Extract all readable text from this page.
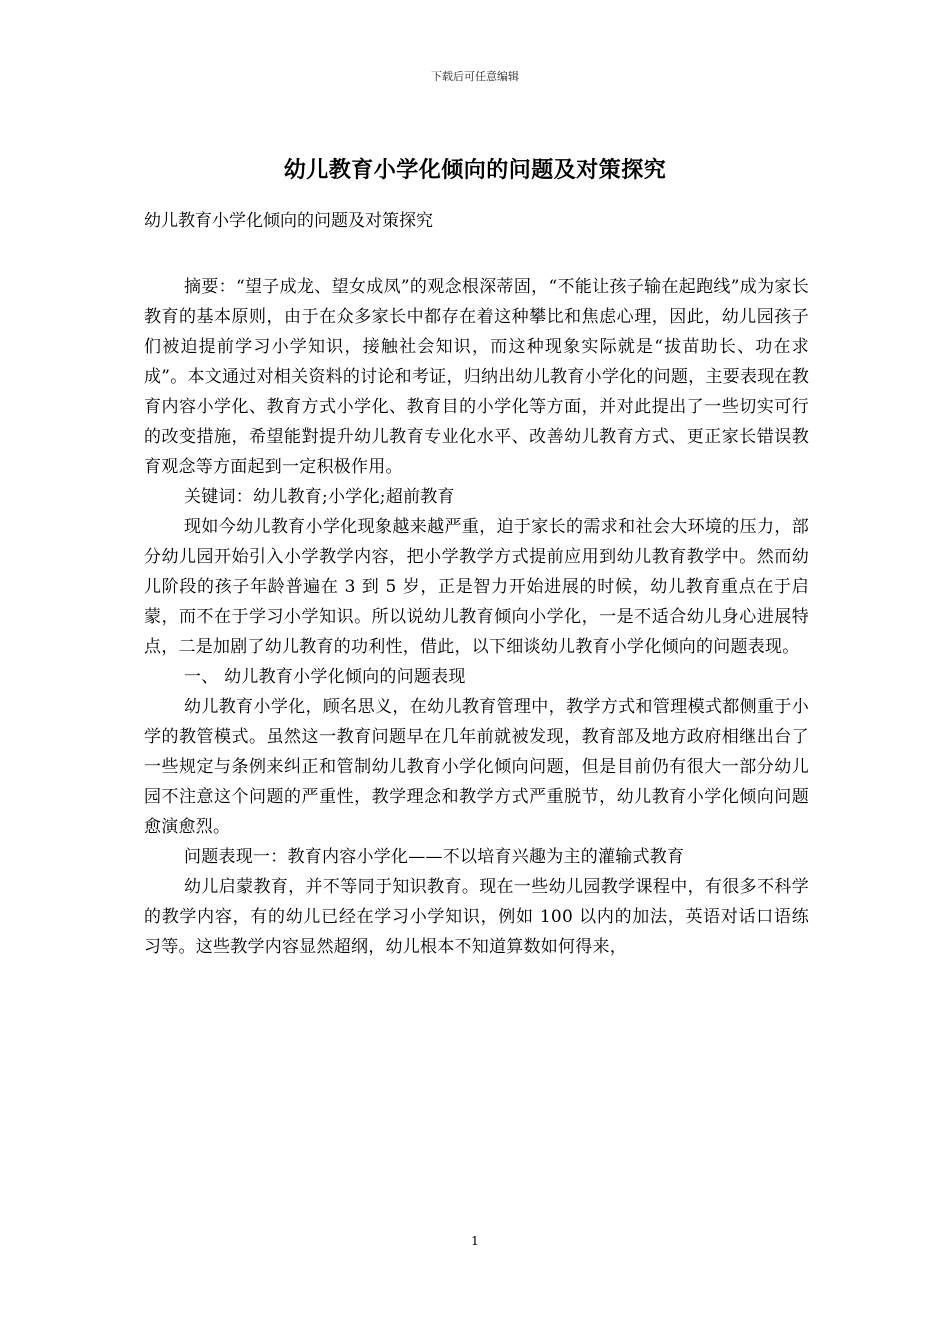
下载后可任意编辑
幼儿教育小学化倾向的问题及对策探究
幼儿教育小学化倾向的问题及对策探究

摘要：“望子成龙、望女成凤”的观念根深蒂固，“不能让孩子输在起跑线”成为家长教育的基本原则，由于在众多家长中都存在着这种攀比和焦虑心理，因此，幼儿园孩子们被迫提前学习小学知识，接触社会知识，而这种现象实际就是“拔苗助长、功在求成”。本文通过对相关资料的讨论和考证，归纳出幼儿教育小学化的问题，主要表现在教育内容小学化、教育方式小学化、教育目的小学化等方面，并对此提出了一些切实可行的改变措施，希望能對提升幼儿教育专业化水平、改善幼儿教育方式、更正家长错误教育观念等方面起到一定积极作用。

关键词：幼儿教育;小学化;超前教育

现如今幼儿教育小学化现象越来越严重，迫于家长的需求和社会大环境的压力，部分幼儿园开始引入小学教学内容，把小学教学方式提前应用到幼儿教育教学中。然而幼儿阶段的孩子年龄普遍在 3 到 5 岁，正是智力开始进展的时候，幼儿教育重点在于启蒙，而不在于学习小学知识。所以说幼儿教育倾向小学化，一是不适合幼儿身心进展特点，二是加剧了幼儿教育的功利性，借此，以下细谈幼儿教育小学化倾向的问题表现。

一、 幼儿教育小学化倾向的问题表现

幼儿教育小学化，顾名思义，在幼儿教育管理中，教学方式和管理模式都侧重于小学的教管模式。虽然这一教育问题早在几年前就被发现，教育部及地方政府相继出台了一些规定与条例来纠正和管制幼儿教育小学化倾向问题，但是目前仍有很大一部分幼儿园不注意这个问题的严重性，教学理念和教学方式严重脱节，幼儿教育小学化倾向问题愈演愈烈。

问题表现一：教育内容小学化——不以培育兴趣为主的灌输式教育

幼儿启蒙教育，并不等同于知识教育。现在一些幼儿园教学课程中，有很多不科学的教学内容，有的幼儿已经在学习小学知识，例如 100 以内的加法，英语对话口语练习等。这些教学内容显然超纲，幼儿根本不知道算数如何得来，

1
